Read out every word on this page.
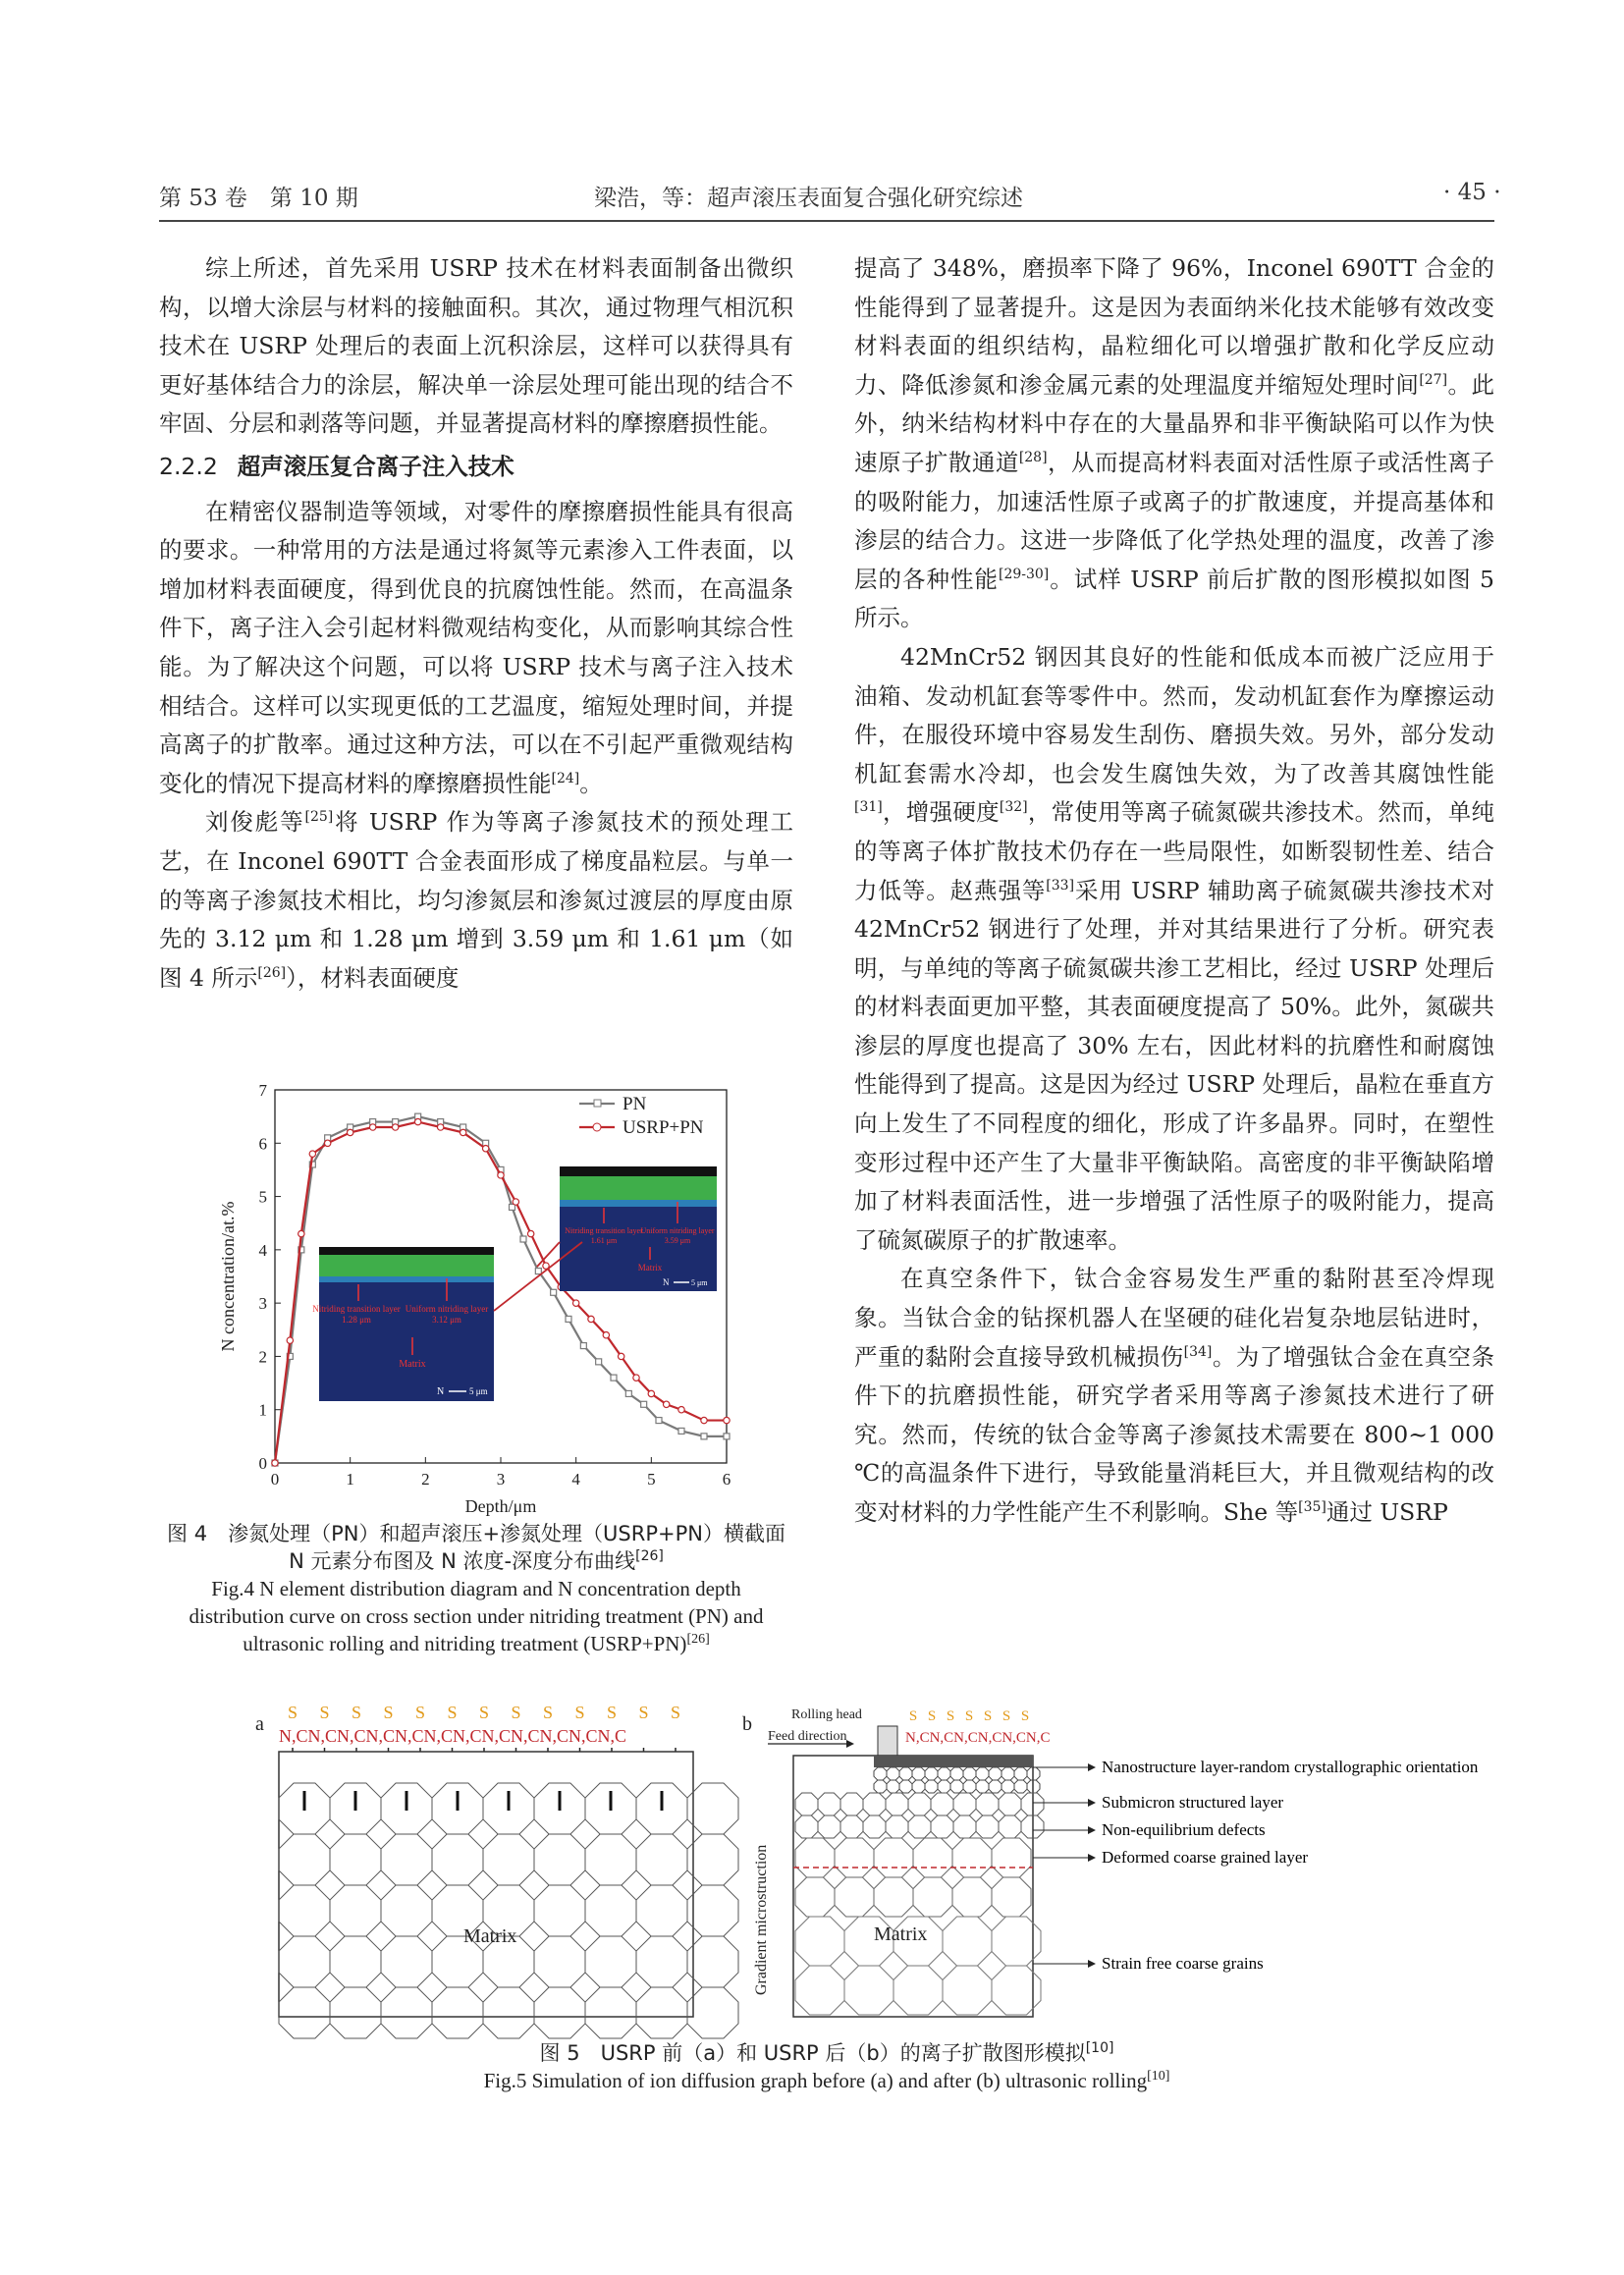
第 53 卷　第 10 期	梁浩，等：超声滚压表面复合强化研究综述	· 45 ·

综上所述，首先采用 USRP 技术在材料表面制备出微织构，以增大涂层与材料的接触面积。其次，通过物理气相沉积技术在 USRP 处理后的表面上沉积涂层，这样可以获得具有更好基体结合力的涂层，解决单一涂层处理可能出现的结合不牢固、分层和剥落等问题，并显著提高材料的摩擦磨损性能。

2.2.2 超声滚压复合离子注入技术

在精密仪器制造等领域，对零件的摩擦磨损性能具有很高的要求。一种常用的方法是通过将氮等元素渗入工件表面，以增加材料表面硬度，得到优良的抗腐蚀性能。然而，在高温条件下，离子注入会引起材料微观结构变化，从而影响其综合性能。为了解决这个问题，可以将 USRP 技术与离子注入技术相结合。这样可以实现更低的工艺温度，缩短处理时间，并提高离子的扩散率。通过这种方法，可以在不引起严重微观结构变化的情况下提高材料的摩擦磨损性能[24]。

刘俊彪等[25]将 USRP 作为等离子渗氮技术的预处理工艺，在 Inconel 690TT 合金表面形成了梯度晶粒层。与单一的等离子渗氮技术相比，均匀渗氮层和渗氮过渡层的厚度由原先的 3.12 μm 和 1.28 μm 增到 3.59 μm 和 1.61 μm（如图 4 所示[26]），材料表面硬度

提高了 348%，磨损率下降了 96%，Inconel 690TT 合金的性能得到了显著提升。这是因为表面纳米化技术能够有效改变材料表面的组织结构，晶粒细化可以增强扩散和化学反应动力、降低渗氮和渗金属元素的处理温度并缩短处理时间[27]。此外，纳米结构材料中存在的大量晶界和非平衡缺陷可以作为快速原子扩散通道[28]，从而提高材料表面对活性原子或活性离子的吸附能力，加速活性原子或离子的扩散速度，并提高基体和渗层的结合力。这进一步降低了化学热处理的温度，改善了渗层的各种性能[29-30]。试样 USRP 前后扩散的图形模拟如图 5 所示。

42MnCr52 钢因其良好的性能和低成本而被广泛应用于油箱、发动机缸套等零件中。然而，发动机缸套作为摩擦运动件，在服役环境中容易发生刮伤、磨损失效。另外，部分发动机缸套需水冷却，也会发生腐蚀失效，为了改善其腐蚀性能[31]，增强硬度[32]，常使用等离子硫氮碳共渗技术。然而，单纯的等离子体扩散技术仍存在一些局限性，如断裂韧性差、结合力低等。赵燕强等[33]采用 USRP 辅助离子硫氮碳共渗技术对 42MnCr52 钢进行了处理，并对其结果进行了分析。研究表明，与单纯的等离子硫氮碳共渗工艺相比，经过 USRP 处理后的材料表面更加平整，其表面硬度提高了 50%。此外，氮碳共渗层的厚度也提高了 30% 左右，因此材料的抗磨性和耐腐蚀性能得到了提高。这是因为经过 USRP 处理后，晶粒在垂直方向上发生了不同程度的细化，形成了许多晶界。同时，在塑性变形过程中还产生了大量非平衡缺陷。高密度的非平衡缺陷增加了材料表面活性，进一步增强了活性原子的吸附能力，提高了硫氮碳原子的扩散速率。

在真空条件下，钛合金容易发生严重的黏附甚至冷焊现象。当钛合金的钻探机器人在坚硬的硅化岩复杂地层钻进时，严重的黏附会直接导致机械损伤[34]。为了增强钛合金在真空条件下的抗磨损性能，研究学者采用等离子渗氮技术进行了研究。然而，传统的钛合金等离子渗氮技术需要在 800~1 000 ℃的高温条件下进行，导致能量消耗巨大，并且微观结构的改变对材料的力学性能产生不利影响。She 等[35]通过 USRP

0	1	2	3	4	5	6
0
1
2
3
4
5
6
7
Depth/μm
N concentration/at.%
PN
USRP+PN
Nitriding transition layer
1.28 μm
Uniform nitriding layer
3.12 μm
Matrix
N	5 μm
Nitriding transition layer
1.61 μm
Uniform nitriding layer
3.59 μm
Matrix
N	5 μm
图 4　渗氮处理（PN）和超声滚压+渗氮处理（USRP+PN）横截面 N 元素分布图及 N 浓度-深度分布曲线[26]
Fig.4 N element distribution diagram and N concentration depth distribution curve on cross section under nitriding treatment (PN) and ultrasonic rolling and nitriding treatment (USRP+PN)[26]
a
S S S S S S S S S S S S S
N,CN,CN,CN,CN,CN,CN,CN,CN,CN,CN,CN,C
Matrix
b	Rolling head
Feed direction
S S S S S S S
N,CN,CN,CN,CN,CN,C
Matrix
Gradient microstruction
Nanostructure layer-random crystallographic orientation
Submicron structured layer
Non-equilibrium defects
Deformed coarse grained layer
Strain free coarse grains
图 5　USRP 前（a）和 USRP 后（b）的离子扩散图形模拟[10]
Fig.5 Simulation of ion diffusion graph before (a) and after (b) ultrasonic rolling[10]
